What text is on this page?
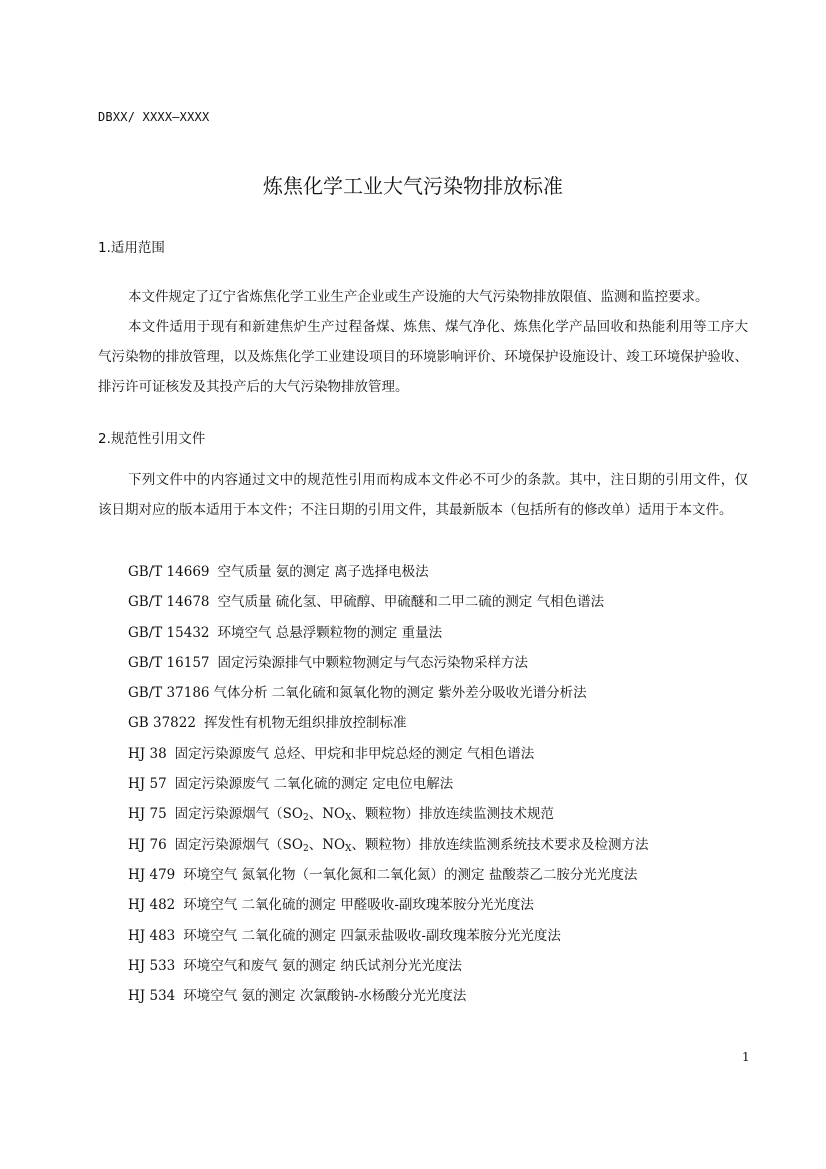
DBXX/ XXXX—XXXX
炼焦化学工业大气污染物排放标准
1.适用范围

本文件规定了辽宁省炼焦化学工业生产企业或生产设施的大气污染物排放限值、监测和监控要求。

本文件适用于现有和新建焦炉生产过程备煤、炼焦、煤气净化、炼焦化学产品回收和热能利用等工序大气污染物的排放管理，以及炼焦化学工业建设项目的环境影响评价、环境保护设施设计、竣工环境保护验收、排污许可证核发及其投产后的大气污染物排放管理。

2.规范性引用文件

下列文件中的内容通过文中的规范性引用而构成本文件必不可少的条款。其中，注日期的引用文件，仅该日期对应的版本适用于本文件；不注日期的引用文件，其最新版本（包括所有的修改单）适用于本文件。

GB/T 14669 空气质量 氨的测定 离子选择电极法
GB/T 14678 空气质量 硫化氢、甲硫醇、甲硫醚和二甲二硫的测定 气相色谱法
GB/T 15432 环境空气 总悬浮颗粒物的测定 重量法
GB/T 16157 固定污染源排气中颗粒物测定与气态污染物采样方法
GB/T 37186 气体分析 二氧化硫和氮氧化物的测定 紫外差分吸收光谱分析法
GB 37822 挥发性有机物无组织排放控制标准
HJ 38 固定污染源废气 总烃、甲烷和非甲烷总烃的测定 气相色谱法
HJ 57 固定污染源废气 二氧化硫的测定 定电位电解法
HJ 75 固定污染源烟气（$SO_2$、$NO_X$、颗粒物）排放连续监测技术规范
HJ 76 固定污染源烟气（$SO_2$、$NO_X$、颗粒物）排放连续监测系统技术要求及检测方法
HJ 479 环境空气 氮氧化物（一氧化氮和二氧化氮）的测定 盐酸萘乙二胺分光光度法
HJ 482 环境空气 二氧化硫的测定 甲醛吸收-副玫瑰苯胺分光光度法
HJ 483 环境空气 二氧化硫的测定 四氯汞盐吸收-副玫瑰苯胺分光光度法
HJ 533 环境空气和废气 氨的测定 纳氏试剂分光光度法
HJ 534 环境空气 氨的测定 次氯酸钠-水杨酸分光光度法
1
